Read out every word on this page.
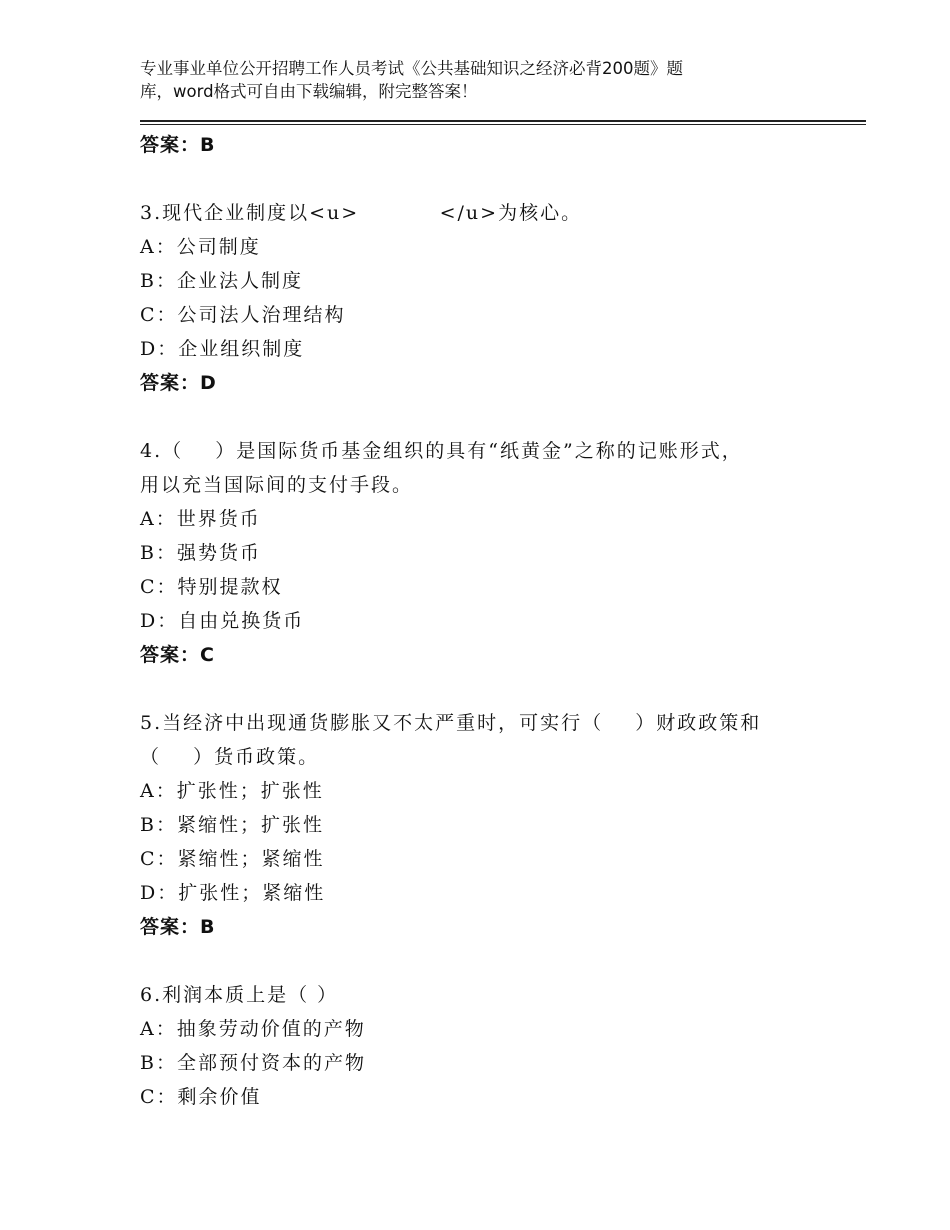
专业事业单位公开招聘工作人员考试《公共基础知识之经济必背200题》题
库，word格式可自由下载编辑，附完整答案！
答案：B
3.现代企业制度以<u>          </u>为核心。
A：公司制度
B：企业法人制度
C：公司法人治理结构
D：企业组织制度
答案：D
4.（    ）是国际货币基金组织的具有“纸黄金”之称的记账形式，
用以充当国际间的支付手段。
A：世界货币
B：强势货币
C：特别提款权
D：自由兑换货币
答案：C
5.当经济中出现通货膨胀又不太严重时，可实行（    ）财政政策和
（    ）货币政策。
A：扩张性；扩张性
B：紧缩性；扩张性
C：紧缩性；紧缩性
D：扩张性；紧缩性
答案：B
6.利润本质上是（ ）
A：抽象劳动价值的产物
B：全部预付资本的产物
C：剩余价值
